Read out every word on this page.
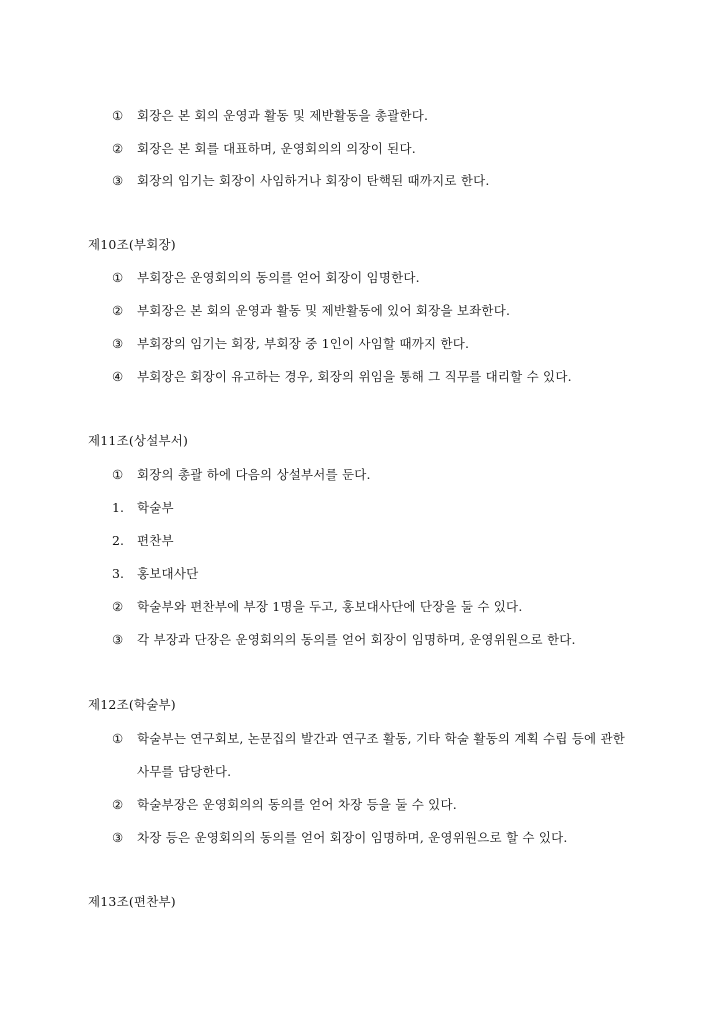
①	회장은 본 회의 운영과 활동 및 제반활동을 총괄한다.
②	회장은 본 회를 대표하며, 운영회의의 의장이 된다.
③	회장의 임기는 회장이 사임하거나 회장이 탄핵된 때까지로 한다.
제10조(부회장)
①	부회장은 운영회의의 동의를 얻어 회장이 임명한다.
②	부회장은 본 회의 운영과 활동 및 제반활동에 있어 회장을 보좌한다.
③	부회장의 임기는 회장, 부회장 중 1인이 사임할 때까지 한다.
④	부회장은 회장이 유고하는 경우, 회장의 위임을 통해 그 직무를 대리할 수 있다.
제11조(상설부서)
①	회장의 총괄 하에 다음의 상설부서를 둔다.
1.	학술부
2.	편찬부
3.	홍보대사단
②	학술부와 편찬부에 부장 1명을 두고, 홍보대사단에 단장을 둘 수 있다.
③	각 부장과 단장은 운영회의의 동의를 얻어 회장이 임명하며, 운영위원으로 한다.
제12조(학술부)
①	학술부는 연구회보, 논문집의 발간과 연구조 활동, 기타 학술 활동의 계획 수립 등에 관한
사무를 담당한다.
②	학술부장은 운영회의의 동의를 얻어 차장 등을 둘 수 있다.
③	차장 등은 운영회의의 동의를 얻어 회장이 임명하며, 운영위원으로 할 수 있다.
제13조(편찬부)
